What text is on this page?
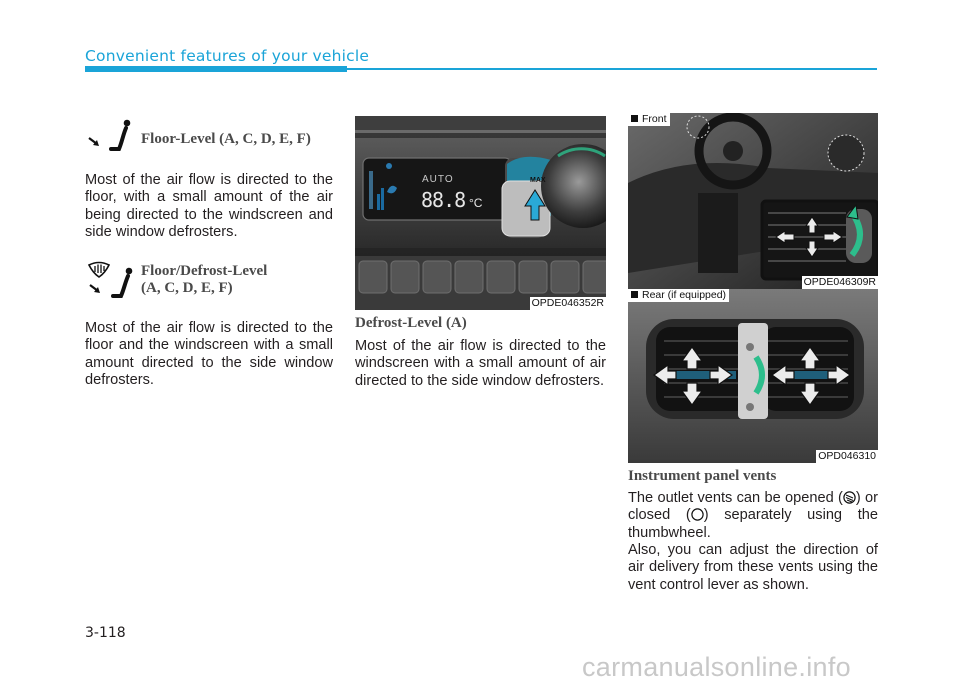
Convenient features of your vehicle
Floor-Level (A, C, D, E, F)
Most of the air flow is directed to the floor, with a small amount of the air being directed to the windscreen and side window defrosters.
Floor/Defrost-Level
(A, C, D, E, F)
Most of the air flow is directed to the floor and the windscreen with a small amount directed to the side window defrosters.
AUTO
88.8 °C
MAX
OPDE046352R
Defrost-Level (A)
Most of the air flow is directed to the windscreen with a small amount of air directed to the side window defrosters.
Front
OPDE046309R
Rear (if equipped)
OPD046310
Instrument panel vents
The outlet vents can be opened ( ) or closed ( ) separately using the thumbwheel.
Also, you can adjust the direction of air delivery from these vents using the vent control lever as shown.
3-118
carmanualsonline.info
